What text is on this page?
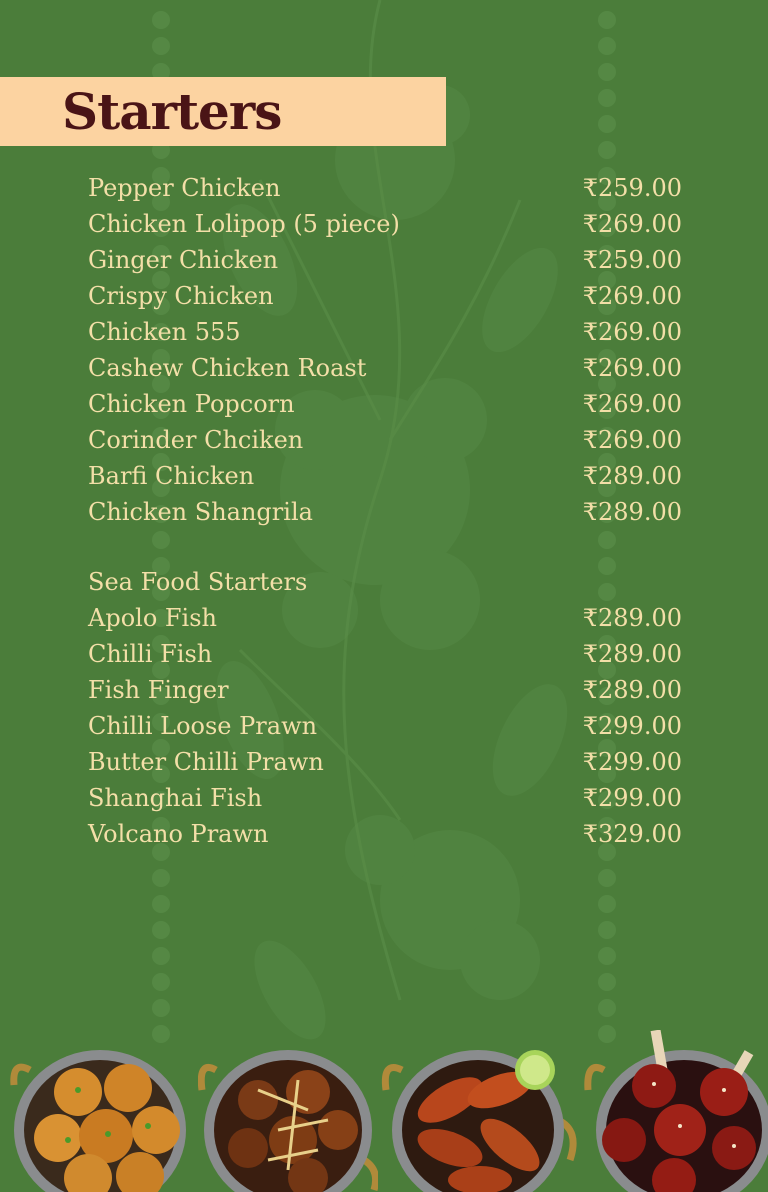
Starters
Pepper Chicken	₹259.00
Chicken Lolipop (5 piece)	₹269.00
Ginger Chicken	₹259.00
Crispy Chicken	₹269.00
Chicken 555	₹269.00
Cashew Chicken Roast	₹269.00
Chicken Popcorn	₹269.00
Corinder Chciken	₹269.00
Barfi Chicken	₹289.00
Chicken Shangrila	₹289.00
Sea Food Starters
Apolo Fish	₹289.00
Chilli Fish	₹289.00
Fish Finger	₹289.00
Chilli Loose Prawn	₹299.00
Butter Chilli Prawn	₹299.00
Shanghai Fish	₹299.00
Volcano Prawn	₹329.00
